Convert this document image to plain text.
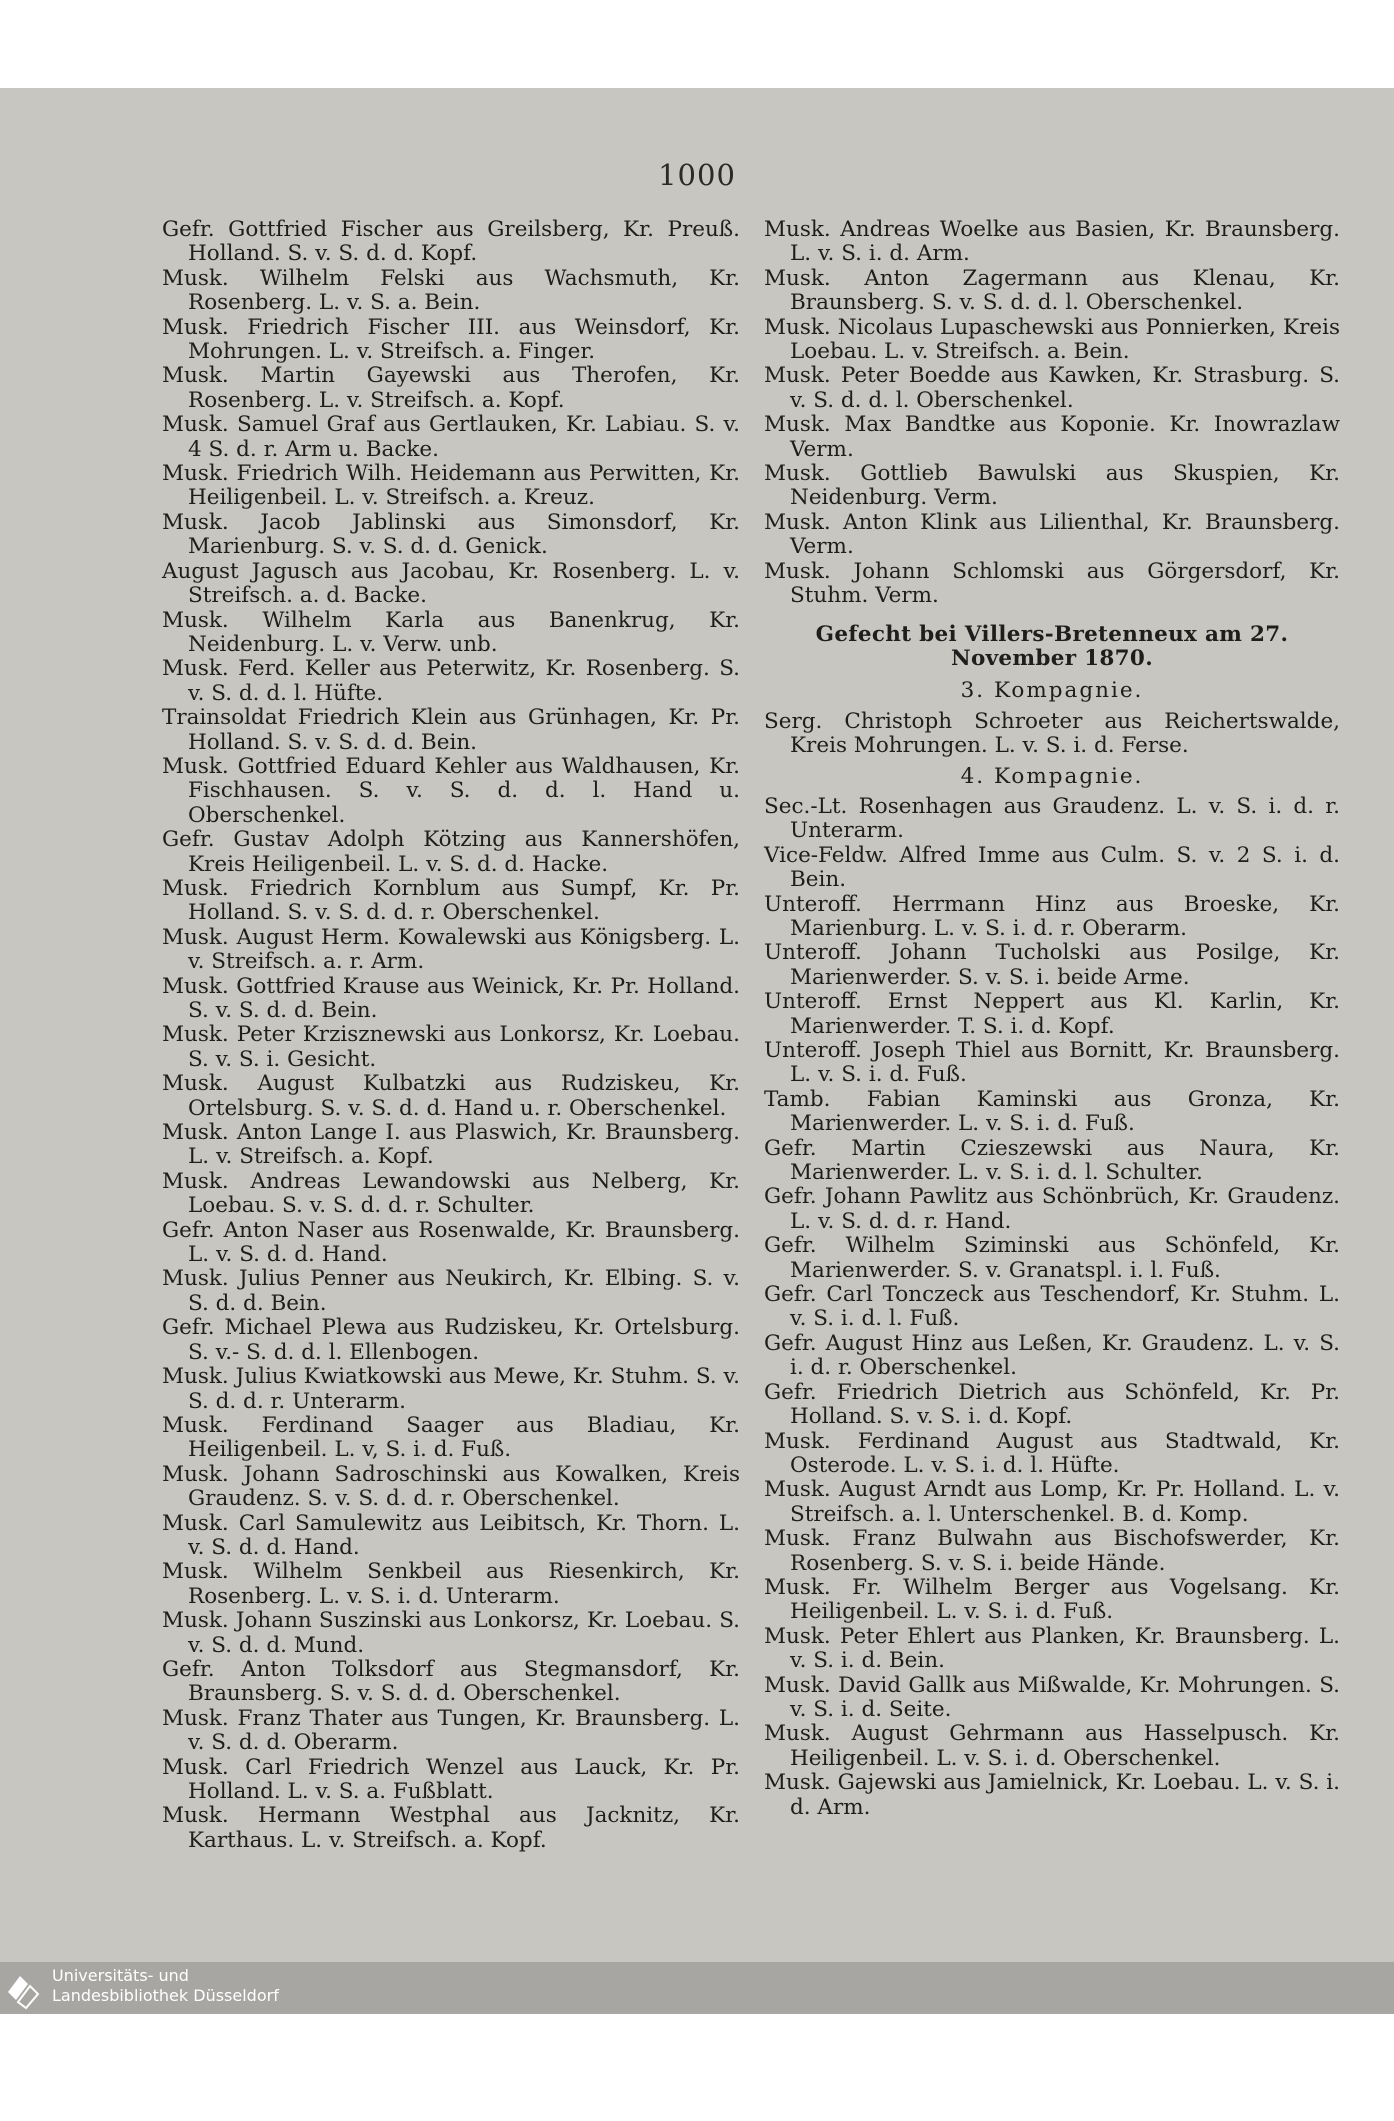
1000

Gefr. Gottfried Fischer aus Greilsberg, Kr. Preuß. Holland. S. v. S. d. d. Kopf.

Musk. Wilhelm Felski aus Wachsmuth, Kr. Rosenberg. L. v. S. a. Bein.

Musk. Friedrich Fischer III. aus Weinsdorf, Kr. Mohrungen. L. v. Streifsch. a. Finger.

Musk. Martin Gayewski aus Therofen, Kr. Rosenberg. L. v. Streifsch. a. Kopf.

Musk. Samuel Graf aus Gertlauken, Kr. Labiau. S. v. 4 S. d. r. Arm u. Backe.

Musk. Friedrich Wilh. Heidemann aus Perwitten, Kr. Heiligenbeil. L. v. Streifsch. a. Kreuz.

Musk. Jacob Jablinski aus Simonsdorf, Kr. Marienburg. S. v. S. d. d. Genick.

August Jagusch aus Jacobau, Kr. Rosenberg. L. v. Streifsch. a. d. Backe.

Musk. Wilhelm Karla aus Banenkrug, Kr. Neidenburg. L. v. Verw. unb.

Musk. Ferd. Keller aus Peterwitz, Kr. Rosenberg. S. v. S. d. d. l. Hüfte.

Trainsoldat Friedrich Klein aus Grünhagen, Kr. Pr. Holland. S. v. S. d. d. Bein.

Musk. Gottfried Eduard Kehler aus Waldhausen, Kr. Fischhausen. S. v. S. d. d. l. Hand u. Oberschenkel.

Gefr. Gustav Adolph Kötzing aus Kannershöfen, Kreis Heiligenbeil. L. v. S. d. d. Hacke.

Musk. Friedrich Kornblum aus Sumpf, Kr. Pr. Holland. S. v. S. d. d. r. Oberschenkel.

Musk. August Herm. Kowalewski aus Königsberg. L. v. Streifsch. a. r. Arm.

Musk. Gottfried Krause aus Weinick, Kr. Pr. Holland. S. v. S. d. d. Bein.

Musk. Peter Krzisznewski aus Lonkorsz, Kr. Loebau. S. v. S. i. Gesicht.

Musk. August Kulbatzki aus Rudziskeu, Kr. Ortelsburg. S. v. S. d. d. Hand u. r. Oberschenkel.

Musk. Anton Lange I. aus Plaswich, Kr. Braunsberg. L. v. Streifsch. a. Kopf.

Musk. Andreas Lewandowski aus Nelberg, Kr. Loebau. S. v. S. d. d. r. Schulter.

Gefr. Anton Naser aus Rosenwalde, Kr. Braunsberg. L. v. S. d. d. Hand.

Musk. Julius Penner aus Neukirch, Kr. Elbing. S. v. S. d. d. Bein.

Gefr. Michael Plewa aus Rudziskeu, Kr. Ortelsburg. S. v.- S. d. d. l. Ellenbogen.

Musk. Julius Kwiatkowski aus Mewe, Kr. Stuhm. S. v. S. d. d. r. Unterarm.

Musk. Ferdinand Saager aus Bladiau, Kr. Heiligenbeil. L. v, S. i. d. Fuß.

Musk. Johann Sadroschinski aus Kowalken, Kreis Graudenz. S. v. S. d. d. r. Oberschenkel.

Musk. Carl Samulewitz aus Leibitsch, Kr. Thorn. L. v. S. d. d. Hand.

Musk. Wilhelm Senkbeil aus Riesenkirch, Kr. Rosenberg. L. v. S. i. d. Unterarm.

Musk. Johann Suszinski aus Lonkorsz, Kr. Loebau. S. v. S. d. d. Mund.

Gefr. Anton Tolksdorf aus Stegmansdorf, Kr. Braunsberg. S. v. S. d. d. Oberschenkel.

Musk. Franz Thater aus Tungen, Kr. Braunsberg. L. v. S. d. d. Oberarm.

Musk. Carl Friedrich Wenzel aus Lauck, Kr. Pr. Holland. L. v. S. a. Fußblatt.

Musk. Hermann Westphal aus Jacknitz, Kr. Karthaus. L. v. Streifsch. a. Kopf.

Musk. Andreas Woelke aus Basien, Kr. Braunsberg. L. v. S. i. d. Arm.

Musk. Anton Zagermann aus Klenau, Kr. Braunsberg. S. v. S. d. d. l. Oberschenkel.

Musk. Nicolaus Lupaschewski aus Ponnierken, Kreis Loebau. L. v. Streifsch. a. Bein.

Musk. Peter Boedde aus Kawken, Kr. Strasburg. S. v. S. d. d. l. Oberschenkel.

Musk. Max Bandtke aus Koponie. Kr. Inowrazlaw Verm.

Musk. Gottlieb Bawulski aus Skuspien, Kr. Neidenburg. Verm.

Musk. Anton Klink aus Lilienthal, Kr. Braunsberg. Verm.

Musk. Johann Schlomski aus Görgersdorf, Kr. Stuhm. Verm.

Gefecht bei Villers-Bretenneux am 27. November 1870.
3. Kompagnie.

Serg. Christoph Schroeter aus Reichertswalde, Kreis Mohrungen. L. v. S. i. d. Ferse.

4. Kompagnie.

Sec.-Lt. Rosenhagen aus Graudenz. L. v. S. i. d. r. Unterarm.

Vice-Feldw. Alfred Imme aus Culm. S. v. 2 S. i. d. Bein.

Unteroff. Herrmann Hinz aus Broeske, Kr. Marienburg. L. v. S. i. d. r. Oberarm.

Unteroff. Johann Tucholski aus Posilge, Kr. Marienwerder. S. v. S. i. beide Arme.

Unteroff. Ernst Neppert aus Kl. Karlin, Kr. Marienwerder. T. S. i. d. Kopf.

Unteroff. Joseph Thiel aus Bornitt, Kr. Braunsberg. L. v. S. i. d. Fuß.

Tamb. Fabian Kaminski aus Gronza, Kr. Marienwerder. L. v. S. i. d. Fuß.

Gefr. Martin Czieszewski aus Naura, Kr. Marienwerder. L. v. S. i. d. l. Schulter.

Gefr. Johann Pawlitz aus Schönbrüch, Kr. Graudenz. L. v. S. d. d. r. Hand.

Gefr. Wilhelm Sziminski aus Schönfeld, Kr. Marienwerder. S. v. Granatspl. i. l. Fuß.

Gefr. Carl Tonczeck aus Teschendorf, Kr. Stuhm. L. v. S. i. d. l. Fuß.

Gefr. August Hinz aus Leßen, Kr. Graudenz. L. v. S. i. d. r. Oberschenkel.

Gefr. Friedrich Dietrich aus Schönfeld, Kr. Pr. Holland. S. v. S. i. d. Kopf.

Musk. Ferdinand August aus Stadtwald, Kr. Osterode. L. v. S. i. d. l. Hüfte.

Musk. August Arndt aus Lomp, Kr. Pr. Holland. L. v. Streifsch. a. l. Unterschenkel. B. d. Komp.

Musk. Franz Bulwahn aus Bischofswerder, Kr. Rosenberg. S. v. S. i. beide Hände.

Musk. Fr. Wilhelm Berger aus Vogelsang. Kr. Heiligenbeil. L. v. S. i. d. Fuß.

Musk. Peter Ehlert aus Planken, Kr. Braunsberg. L. v. S. i. d. Bein.

Musk. David Gallk aus Mißwalde, Kr. Mohrungen. S. v. S. i. d. Seite.

Musk. August Gehrmann aus Hasselpusch. Kr. Heiligenbeil. L. v. S. i. d. Oberschenkel.

Musk. Gajewski aus Jamielnick, Kr. Loebau. L. v. S. i. d. Arm.

Universitäts- und
Landesbibliothek Düsseldorf
